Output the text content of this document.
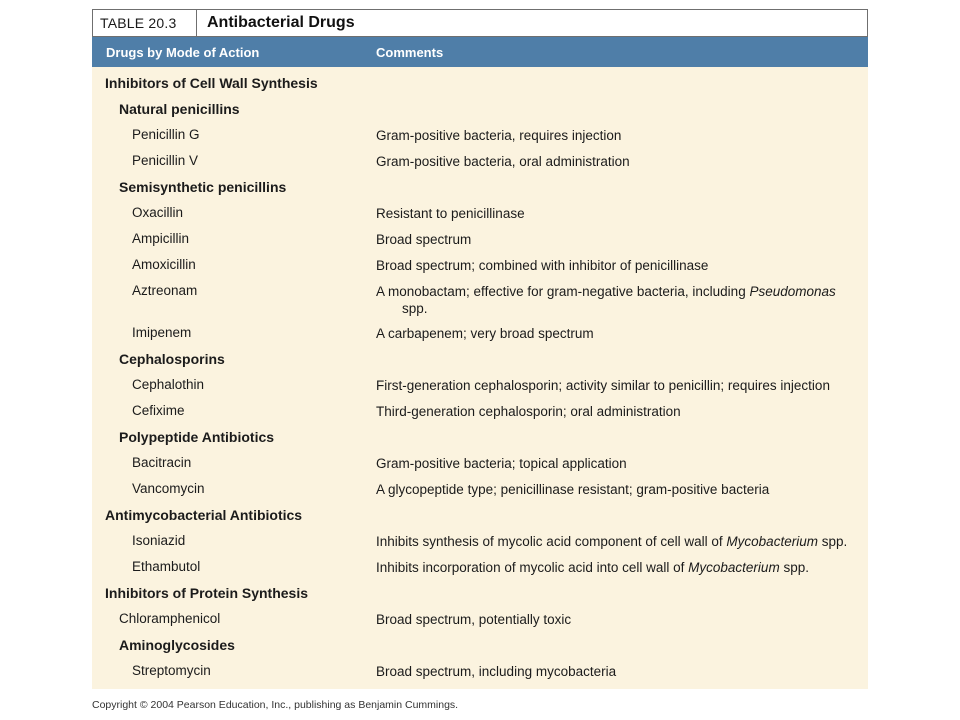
TABLE 20.3	Antibacterial Drugs
Drugs by Mode of Action	Comments
Inhibitors of Cell Wall Synthesis
Natural penicillins
Penicillin G	Gram-positive bacteria, requires injection
Penicillin V	Gram-positive bacteria, oral administration
Semisynthetic penicillins
Oxacillin	Resistant to penicillinase
Ampicillin	Broad spectrum
Amoxicillin	Broad spectrum; combined with inhibitor of penicillinase
Aztreonam	A monobactam; effective for gram-negative bacteria, including Pseudomonas
spp.
Imipenem	A carbapenem; very broad spectrum
Cephalosporins
Cephalothin	First-generation cephalosporin; activity similar to penicillin; requires injection
Cefixime	Third-generation cephalosporin; oral administration
Polypeptide Antibiotics
Bacitracin	Gram-positive bacteria; topical application
Vancomycin	A glycopeptide type; penicillinase resistant; gram-positive bacteria
Antimycobacterial Antibiotics
Isoniazid	Inhibits synthesis of mycolic acid component of cell wall of Mycobacterium spp.
Ethambutol	Inhibits incorporation of mycolic acid into cell wall of Mycobacterium spp.
Inhibitors of Protein Synthesis
Chloramphenicol	Broad spectrum, potentially toxic
Aminoglycosides
Streptomycin	Broad spectrum, including mycobacteria
Copyright © 2004 Pearson Education, Inc., publishing as Benjamin Cummings.
